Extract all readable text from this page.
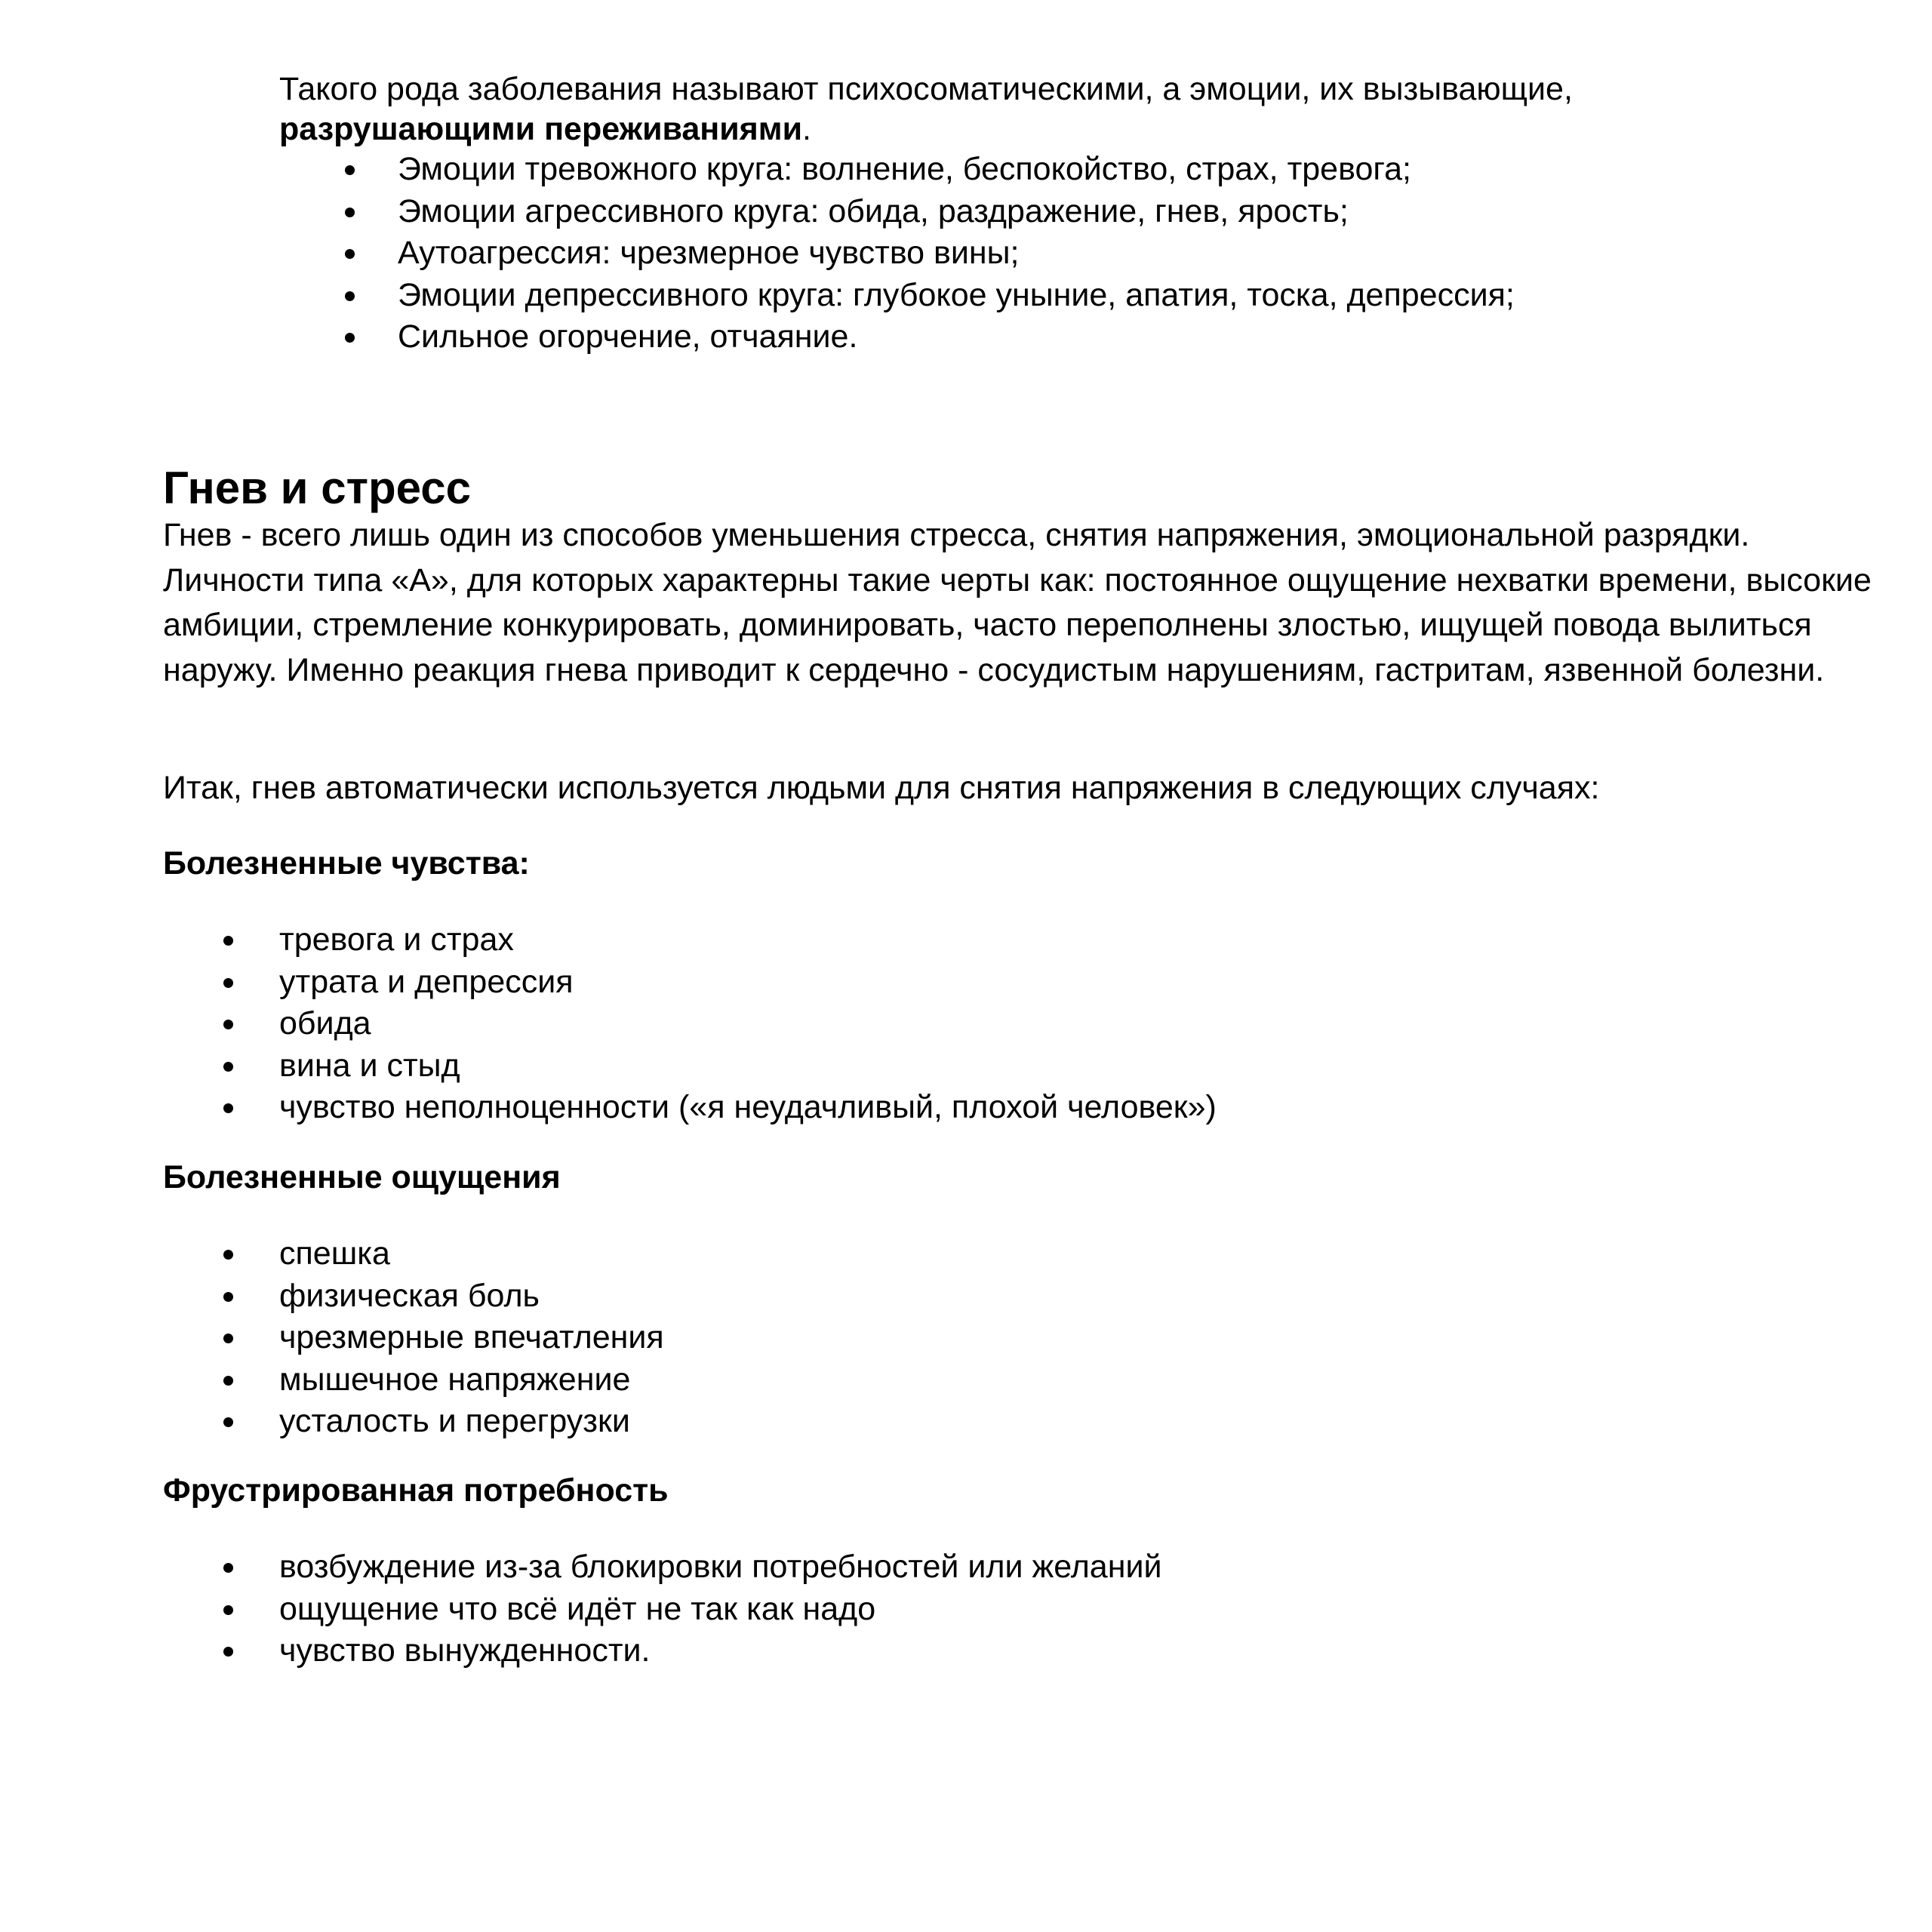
Такого рода заболевания называют психосоматическими, а эмоции, их вызывающие,
разрушающими переживаниями.

Эмоции тревожного круга: волнение, беспокойство, страх, тревога;
Эмоции агрессивного круга: обида, раздражение, гнев, ярость;
Аутоагрессия: чрезмерное чувство вины;
Эмоции депрессивного круга: глубокое уныние, апатия, тоска, депрессия;
Сильное огорчение, отчаяние.
Гнев и стресс

Гнев - всего лишь один из способов уменьшения стресса, снятия напряжения, эмоциональной разрядки. Личности типа «А», для которых характерны такие черты как: постоянное ощущение нехватки времени, высокие амбиции, стремление конкурировать, доминировать, часто переполнены злостью, ищущей повода вылиться наружу. Именно реакция гнева приводит к сердечно - сосудистым нарушениям, гастритам, язвенной болезни.

Итак, гнев автоматически используется людьми для снятия напряжения в следующих случаях:

Болезненные чувства:

тревога и страх
утрата и депрессия
обида
вина и стыд
чувство неполноценности («я неудачливый, плохой человек»)

Болезненные ощущения

спешка
физическая боль
чрезмерные впечатления
мышечное напряжение
усталость и перегрузки

Фрустрированная потребность

возбуждение из-за блокировки потребностей или желаний
ощущение что всё идёт не так как надо
чувство вынужденности.
